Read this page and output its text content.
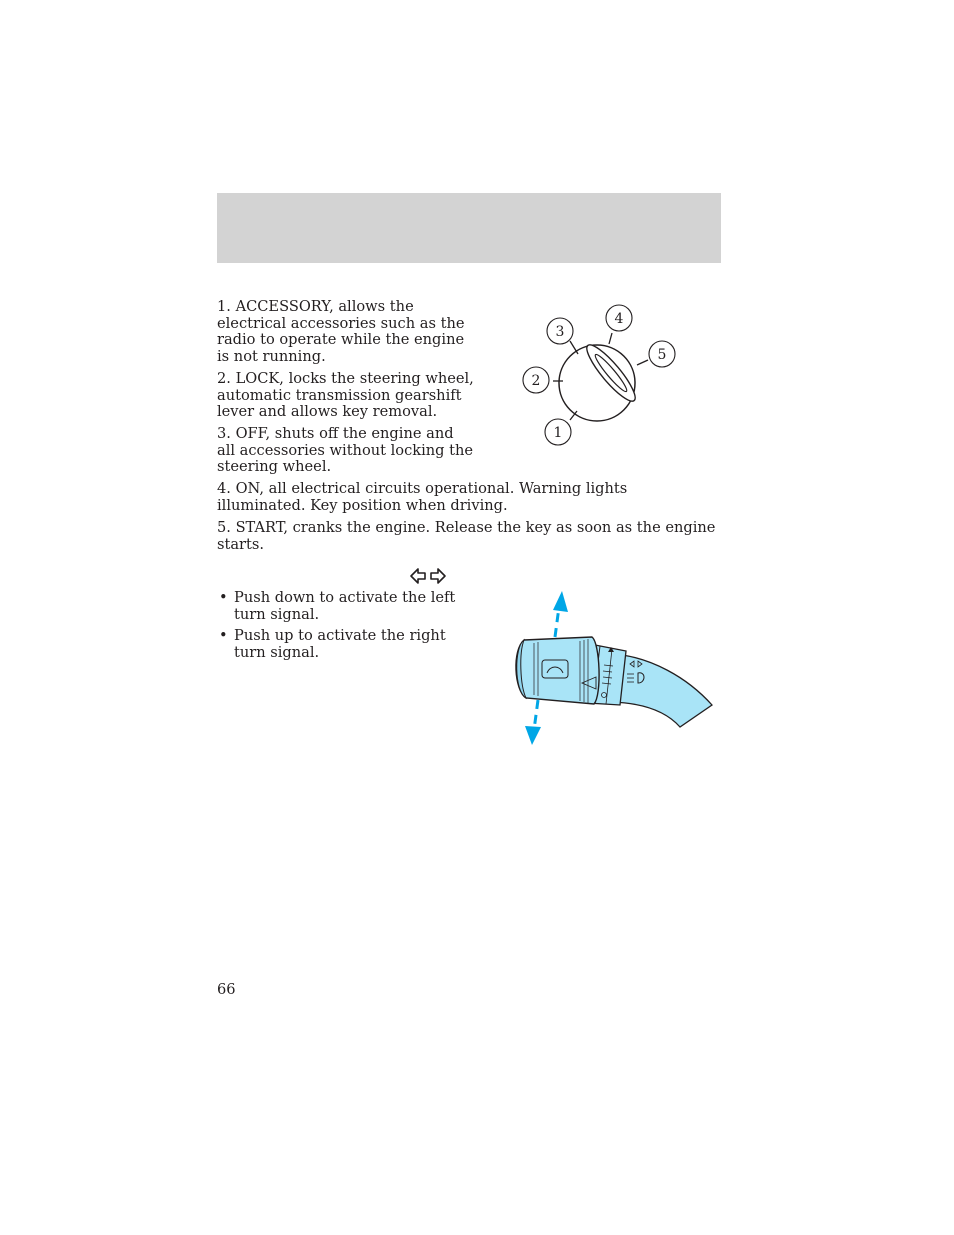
1. ACCESSORY, allows the electrical accessories such as the radio to operate while the engine is not running.

2. LOCK, locks the steering wheel, automatic transmission gearshift lever and allows key removal.

3. OFF, shuts off the engine and all accessories without locking the steering wheel.

4. ON, all electrical circuits operational. Warning lights illuminated. Key position when driving.

5. START, cranks the engine. Release the key as soon as the engine starts.

3
4
5
2
1
• Push down to activate the left turn signal.
• Push up to activate the right turn signal.
66
